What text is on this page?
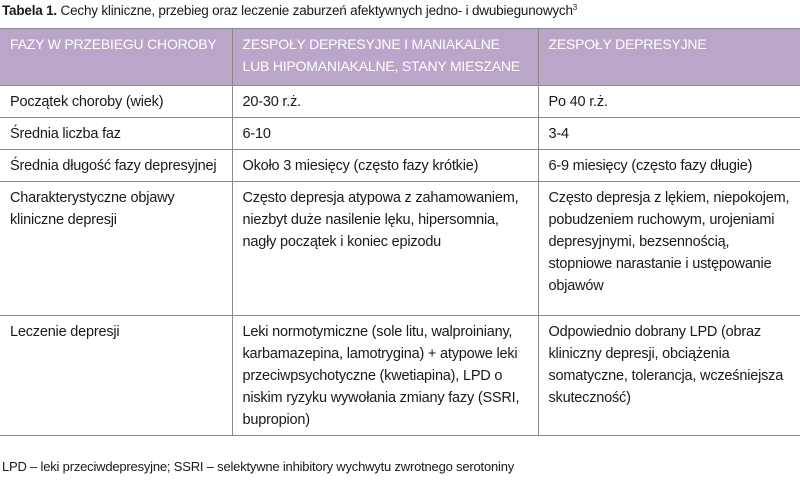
Tabela 1. Cechy kliniczne, przebieg oraz leczenie zaburzeń afektywnych jedno- i dwubiegunowych$^3$
FAZY W PRZEBIEGU CHOROBY	ZESPOŁY DEPRESYJNE I MANIAKALNE LUB HIPOMANIAKALNE, STANY MIESZANE	ZESPOŁY DEPRESYJNE
Początek choroby (wiek)	20-30 r.ż.	Po 40 r.ż.
Średnia liczba faz	6-10	3-4
Średnia długość fazy depresyjnej	Około 3 miesięcy (często fazy krótkie)	6-9 miesięcy (często fazy długie)
Charakterystyczne objawy kliniczne depresji	Często depresja atypowa z zahamowaniem, niezbyt duże nasilenie lęku, hipersomnia, nagły początek i koniec epizodu	Często depresja z lękiem, niepokojem, pobudzeniem ruchowym, urojeniami depresyjnymi, bezsennością, stopniowe narastanie i ustępowanie objawów
Leczenie depresji	Leki normotymiczne (sole litu, walproiniany, karbamazepina, lamotrygina) + atypowe leki przeciwpsychotyczne (kwetiapina), LPD o niskim ryzyku wywołania zmiany fazy (SSRI, bupropion)	Odpowiednio dobrany LPD (obraz kliniczny depresji, obciążenia somatyczne, tolerancja, wcześniejsza skuteczność)
LPD – leki przeciwdepresyjne; SSRI – selektywne inhibitory wychwytu zwrotnego serotoniny
